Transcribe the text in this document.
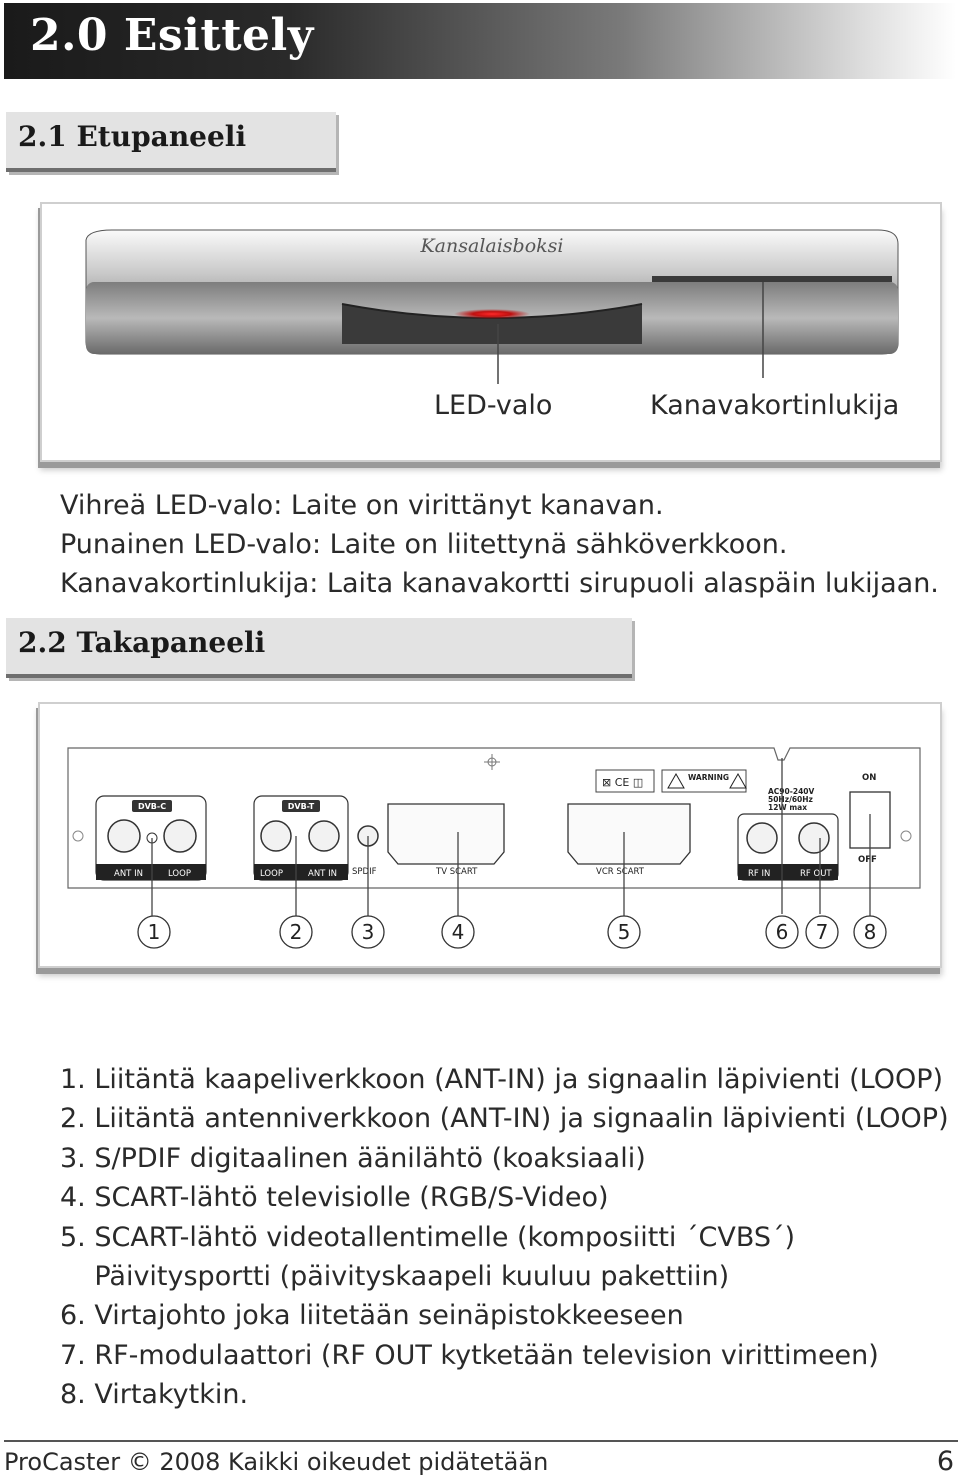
2.0 Esittely
2.1 Etupaneeli
Kansalaisboksi
LED-valo	Kanavakortinlukija
Vihreä LED-valo: Laite on virittänyt kanavan.
Punainen LED-valo: Laite on liitettynä sähköverkkoon.
Kanavakortinlukija: Laita kanavakortti sirupuoli alaspäin lukijaan.
2.2 Takapaneeli
DVB-C
ANT IN	LOOP
DVB-T
LOOP	ANT IN SPDIF	TV SCART	VCR SCART
⊠ CE ◫	WARNING
AC90-240V
50Hz/60Hz
12W max
RF IN	RF OUT
ON
OFF
1	2	3	4	5	6 7 8
1. Liitäntä kaapeliverkkoon (ANT-IN) ja signaalin läpivienti (LOOP)
2. Liitäntä antenniverkkoon (ANT-IN) ja signaalin läpivienti (LOOP)
3. S/PDIF digitaalinen äänilähtö (koaksiaali)
4. SCART-lähtö televisiolle (RGB/S-Video)
5. SCART-lähtö videotallentimelle (komposiitti ´CVBS´)
Päivitysportti (päivityskaapeli kuuluu pakettiin)
6. Virtajohto joka liitetään seinäpistokkeeseen
7. RF-modulaattori (RF OUT kytketään television virittimeen)
8. Virtakytkin.
ProCaster © 2008 Kaikki oikeudet pidätetään	6
